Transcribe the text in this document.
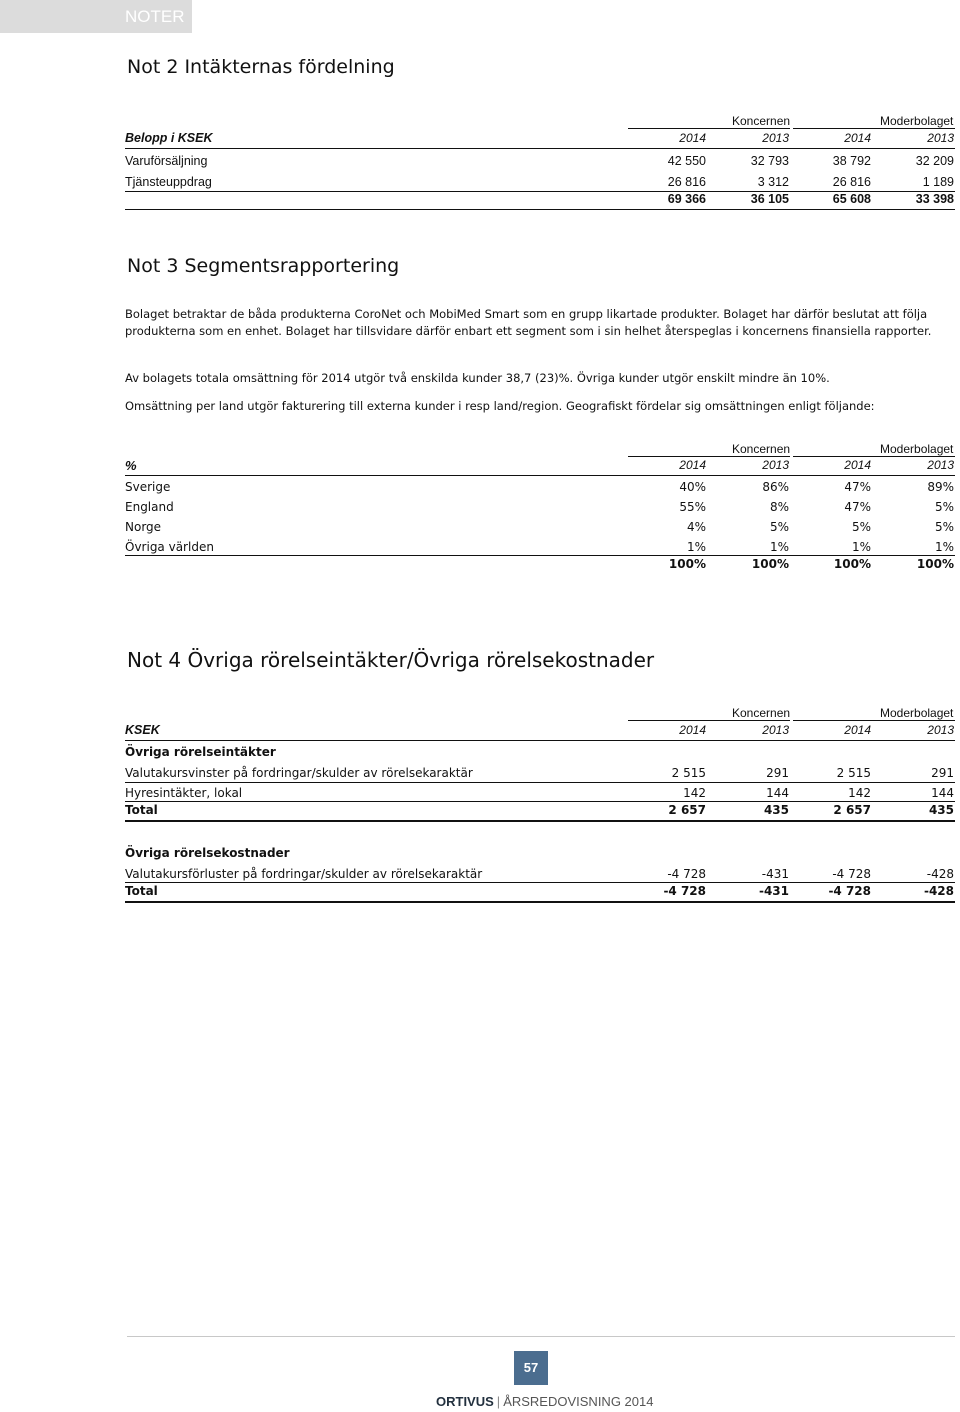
NOTER
Not 2 Intäkternas fördelning
Koncernen	Moderbolaget
Belopp i KSEK	2014	2013	2014	2013
Varuförsäljning	42 550	32 793	38 792	32 209
Tjänsteuppdrag	26 816	3 312	26 816	1 189
69 366	36 105	65 608	33 398
Not 3 Segmentsrapportering

Bolaget betraktar de båda produkterna CoroNet och MobiMed Smart som en grupp likartade produkter. Bolaget har därför beslutat att följa

produkterna som en enhet. Bolaget har tillsvidare därför enbart ett segment som i sin helhet återspeglas i koncernens finansiella rapporter.

Av bolagets totala omsättning för 2014 utgör två enskilda kunder 38,7 (23)%. Övriga kunder utgör enskilt mindre än 10%.

Omsättning per land utgör fakturering till externa kunder i resp land/region. Geografiskt fördelar sig omsättningen enligt följande:

Koncernen	Moderbolaget
%	2014	2013	2014	2013
Sverige	40%	86%	47%	89%
England	55%	8%	47%	5%
Norge	4%	5%	5%	5%
Övriga världen	1%	1%	1%	1%
100%	100%	100%	100%
Not 4 Övriga rörelseintäkter/Övriga rörelsekostnader
Koncernen	Moderbolaget
KSEK	2014	2013	2014	2013
Övriga rörelseintäkter
Valutakursvinster på fordringar/skulder av rörelsekaraktär	2 515	291	2 515	291
Hyresintäkter, lokal	142	144	142	144
Total	2 657	435	2 657	435
Övriga rörelsekostnader
Valutakursförluster på fordringar/skulder av rörelsekaraktär	-4 728	-431	-4 728	-428
Total	-4 728	-431	-4 728	-428
57
ORTIVUS | ÅRSREDOVISNING 2014
